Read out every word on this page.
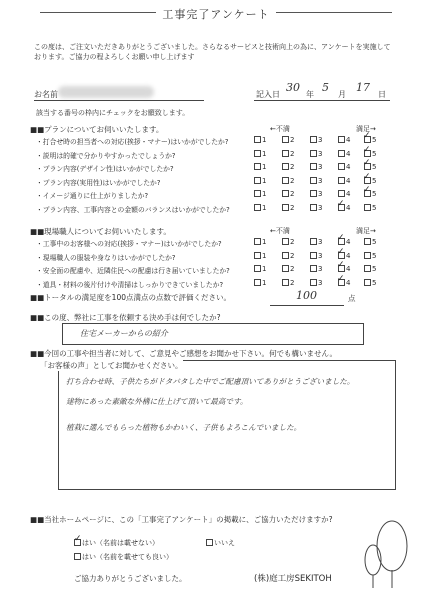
工事完了アンケート
この度は、ご注文いただきありがとうございました。さらなるサービスと技術向上の為に、アンケートを実施して
おります。ご協力の程よろしくお願い申し上げます
お名前	記入日
30
年
5
月
17
日
該当する番号の枠内にチェックをお願致します。
■■プランについてお伺いいたします。	←不満	満足→
・打合せ時の担当者への対応(挨拶・マナー)はいかがでしたか?	1	2	3	4 ✓ 5
・説明は的確で分かりやすかったでしょうか?	1	2	3	4 ✓ 5
・プラン内容(デザイン性)はいかがでしたか?	1	2	3	4 ✓ 5
・プラン内容(実用性)はいかがでしたか?	1	2	3	4 ✓ 5
・イメージ通りに仕上がりましたか?	1	2	3	4 ✓ 5
・プラン内容、工事内容との金額のバランスはいかがでしたか?	1	2	3 ✓ 4	5
■■現場職人についてお伺いいたします。	←不満	満足→
・工事中のお客様への対応(挨拶・マナー)はいかがでしたか?	1	2	3 ✓ 4	5
・現場職人の服装や身なりはいかがでしたか?	1	2	3 ✓ 4	5
・安全面の配慮や、近隣住民への配慮は行き届いていましたか?	1	2	3 ✓ 4	5
・道具・材料の後片付けや清掃はしっかりできていましたか?	1	2	3 ✓ 4	5
■■トータルの満足度を100点満点の点数で評価ください。	100	点
■■この度、弊社に工事を依頼する決め手は何でしたか?
住宅メーカーからの紹介
■■今回の工事や担当者に対して、ご意見やご感想をお聞かせ下さい。何でも構いません。
「お客様の声」としてお聞かせください。
打ち合わせ時、子供たちがドタバタした中でご配慮頂いてありがとうございました。
建物にあった素敵な外構に仕上げて頂いて最高です。
植栽に選んでもらった植物もかわいく、子供もよろこんでいました。
■■当社ホームページに、この「工事完了アンケート」の掲載に、ご協力いただけますか?
✓ はい（名前は載せない）
はい（名前を載せても良い）
いいえ
ご協力ありがとうございました。	(株)庭工房SEKITOH
